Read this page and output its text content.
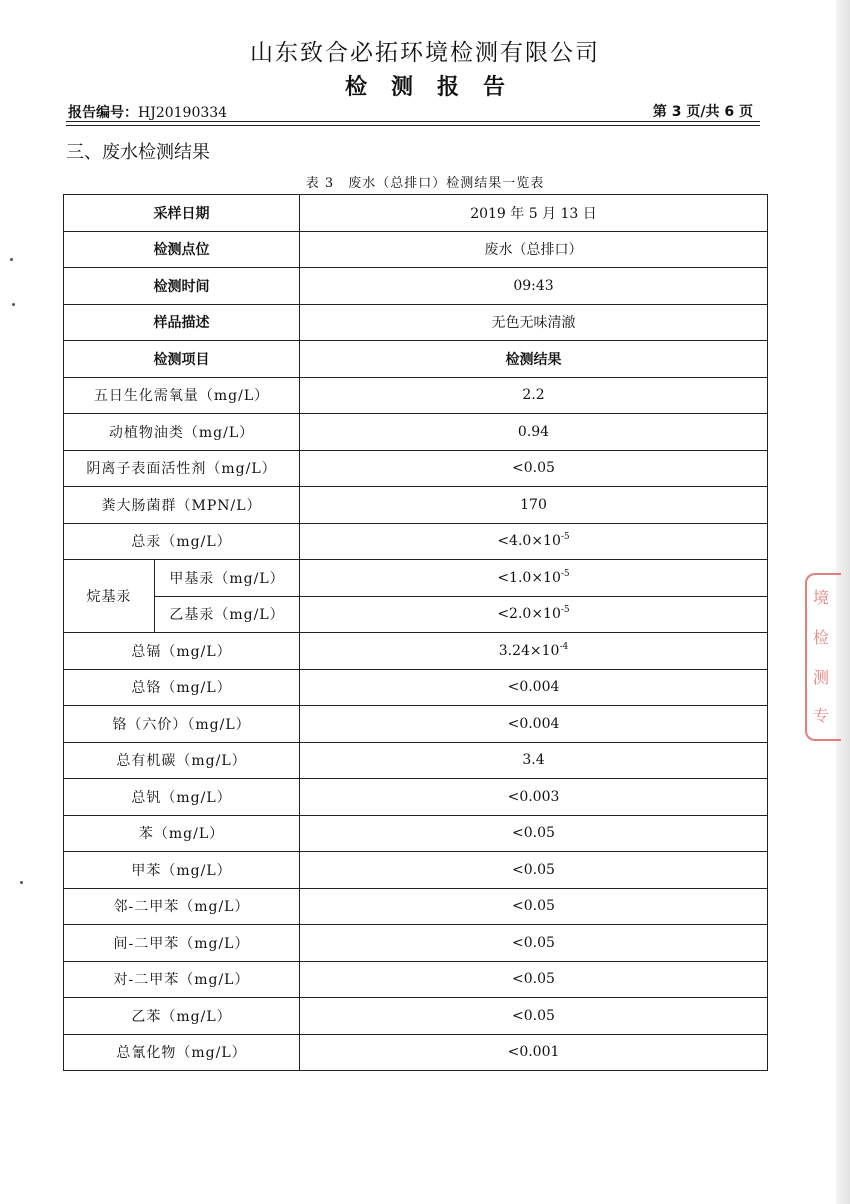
山东致合必拓环境检测有限公司
检测报告
报告编号：HJ20190334	第 3 页/共 6 页
三、废水检测结果
表 3　废水（总排口）检测结果一览表
采样日期		2019 年 5 月 13 日
检测点位		废水（总排口）
检测时间		09:43
样品描述		无色无味清澈
检测项目		检测结果
五日生化需氧量（mg/L）		2.2
动植物油类（mg/L）		0.94
阴离子表面活性剂（mg/L）		<0.05
粪大肠菌群（MPN/L）		170
总汞（mg/L）		$<4.0\times 10^{-5}$
烷基汞	甲基汞（mg/L）	$<1.0\times 10^{-5}$
	乙基汞（mg/L）	$<2.0\times 10^{-5}$
总镉（mg/L）		$3.24\times 10^{-4}$
总铬（mg/L）		<0.004
铬（六价）（mg/L）		<0.004
总有机碳（mg/L）		3.4
总钒（mg/L）		<0.003
苯（mg/L）		<0.05
甲苯（mg/L）		<0.05
邻-二甲苯（mg/L）		<0.05
间-二甲苯（mg/L）		<0.05
对-二甲苯（mg/L）		<0.05
乙苯（mg/L）		<0.05
总氰化物（mg/L）		<0.001
境
检
测
专
